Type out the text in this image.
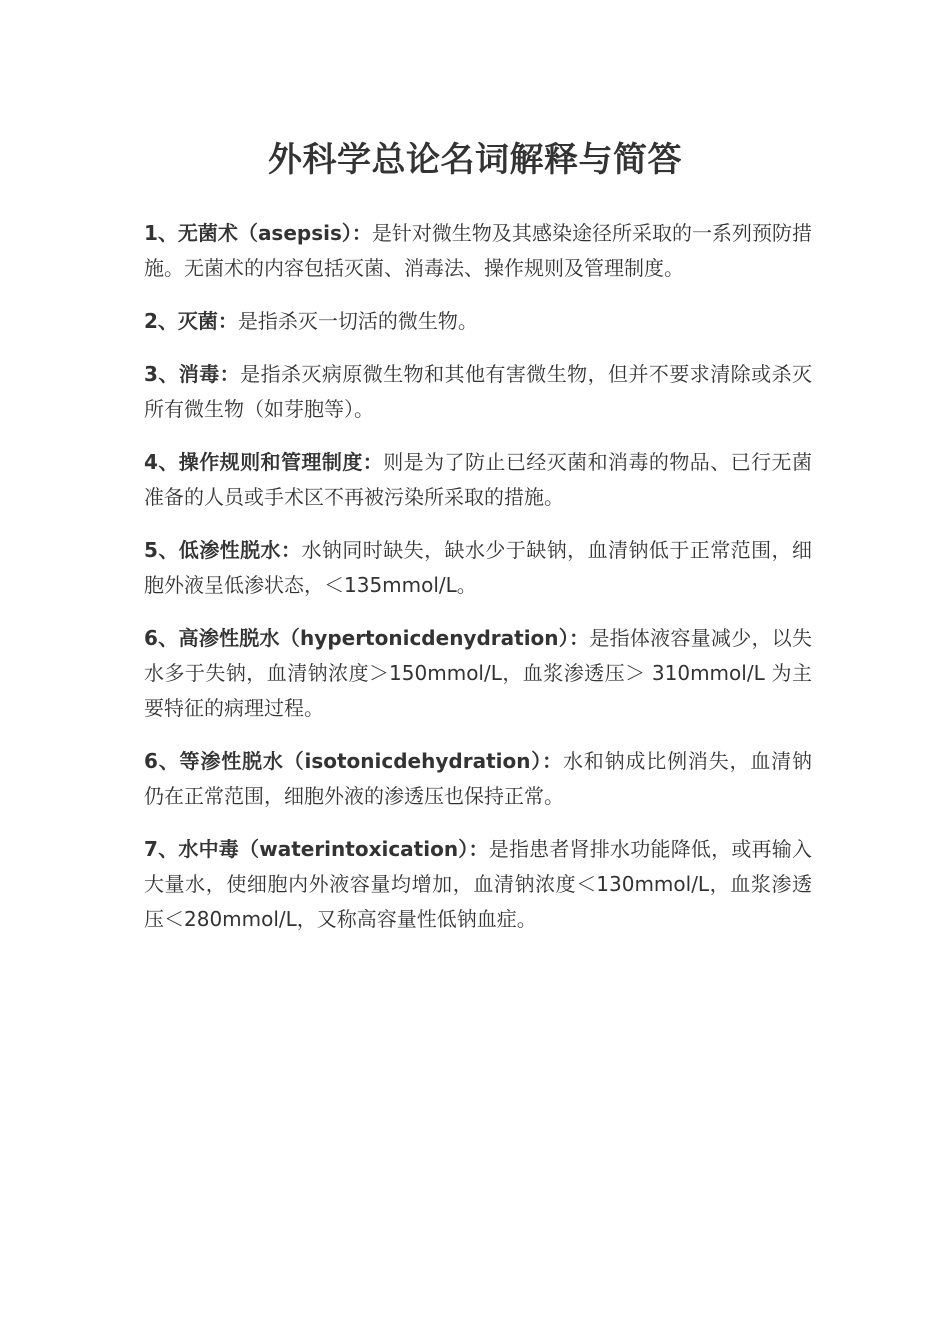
外科学总论名词解释与简答

1、无菌术（asepsis）：是针对微生物及其感染途径所采取的一系列预防措施。无菌术的内容包括灭菌、消毒法、操作规则及管理制度。

2、灭菌：是指杀灭一切活的微生物。

3、消毒：是指杀灭病原微生物和其他有害微生物，但并不要求清除或杀灭所有微生物（如芽胞等）。

4、操作规则和管理制度：则是为了防止已经灭菌和消毒的物品、已行无菌准备的人员或手术区不再被污染所采取的措施。

5、低渗性脱水：水钠同时缺失，缺水少于缺钠，血清钠低于正常范围，细胞外液呈低渗状态，＜135mmol/L。

6、高渗性脱水（hypertonicdenydration）：是指体液容量减少，以失水多于失钠，血清钠浓度＞150mmol/L，血浆渗透压＞ 310mmol/L 为主要特征的病理过程。

6、等渗性脱水（isotonicdehydration）：水和钠成比例消失，血清钠仍在正常范围，细胞外液的渗透压也保持正常。

7、水中毒（waterintoxication）：是指患者肾排水功能降低，或再输入大量水，使细胞内外液容量均增加，血清钠浓度＜130mmol/L，血浆渗透压＜280mmol/L，又称高容量性低钠血症。
